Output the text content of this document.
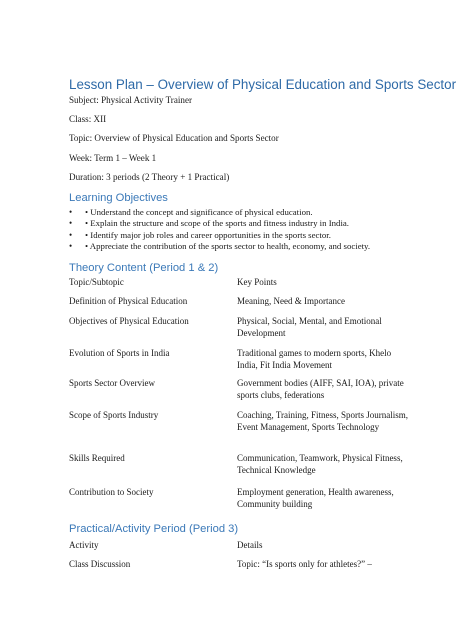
Lesson Plan – Overview of Physical Education and Sports Sector
Subject: Physical Activity Trainer
Class: XII
Topic: Overview of Physical Education and Sports Sector
Week: Term 1 – Week 1
Duration: 3 periods (2 Theory + 1 Practical)
Learning Objectives
• • Understand the concept and significance of physical education.
• • Explain the structure and scope of the sports and fitness industry in India.
• • Identify major job roles and career opportunities in the sports sector.
• • Appreciate the contribution of the sports sector to health, economy, and society.
Theory Content (Period 1 & 2)
Topic/Subtopic	Key Points
Definition of Physical Education	Meaning, Need & Importance
Objectives of Physical Education	Physical, Social, Mental, and Emotional Development
Evolution of Sports in India	Traditional games to modern sports, Khelo India, Fit India Movement
Sports Sector Overview	Government bodies (AIFF, SAI, IOA), private sports clubs, federations
Scope of Sports Industry	Coaching, Training, Fitness, Sports Journalism, Event Management, Sports Technology
Skills Required	Communication, Teamwork, Physical Fitness, Technical Knowledge
Contribution to Society	Employment generation, Health awareness, Community building
Practical/Activity Period (Period 3)
Activity	Details
Class Discussion	Topic: “Is sports only for athletes?” –
